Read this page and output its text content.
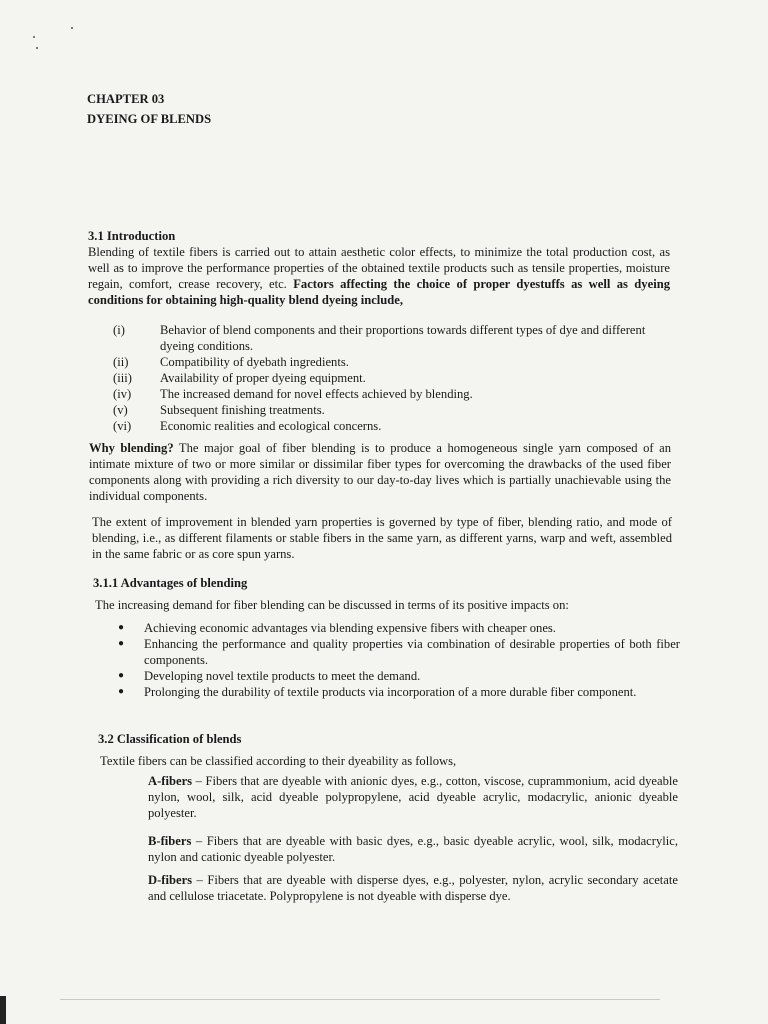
CHAPTER 03
DYEING OF BLENDS
3.1 Introduction

Blending of textile fibers is carried out to attain aesthetic color effects, to minimize the total production cost, as well as to improve the performance properties of the obtained textile products such as tensile properties, moisture regain, comfort, crease recovery, etc. Factors affecting the choice of proper dyestuffs as well as dyeing conditions for obtaining high-quality blend dyeing include,

(i)	Behavior of blend components and their proportions towards different types of dye and different dyeing conditions.
(ii)	Compatibility of dyebath ingredients.
(iii)	Availability of proper dyeing equipment.
(iv)	The increased demand for novel effects achieved by blending.
(v)	Subsequent finishing treatments.
(vi)	Economic realities and ecological concerns.

Why blending? The major goal of fiber blending is to produce a homogeneous single yarn composed of an intimate mixture of two or more similar or dissimilar fiber types for overcoming the drawbacks of the used fiber components along with providing a rich diversity to our day-to-day lives which is partially unachievable using the individual components.

The extent of improvement in blended yarn properties is governed by type of fiber, blending ratio, and mode of blending, i.e., as different filaments or stable fibers in the same yarn, as different yarns, warp and weft, assembled in the same fabric or as core spun yarns.

3.1.1 Advantages of blending
The increasing demand for fiber blending can be discussed in terms of its positive impacts on:
●	Achieving economic advantages via blending expensive fibers with cheaper ones.
●	Enhancing the performance and quality properties via combination of desirable properties of both fiber components.
●	Developing novel textile products to meet the demand.
●	Prolonging the durability of textile products via incorporation of a more durable fiber component.
3.2 Classification of blends
Textile fibers can be classified according to their dyeability as follows,

A-fibers – Fibers that are dyeable with anionic dyes, e.g., cotton, viscose, cuprammonium, acid dyeable nylon, wool, silk, acid dyeable polypropylene, acid dyeable acrylic, modacrylic, anionic dyeable polyester.

B-fibers – Fibers that are dyeable with basic dyes, e.g., basic dyeable acrylic, wool, silk, modacrylic, nylon and cationic dyeable polyester.

D-fibers – Fibers that are dyeable with disperse dyes, e.g., polyester, nylon, acrylic secondary acetate and cellulose triacetate. Polypropylene is not dyeable with disperse dye.
